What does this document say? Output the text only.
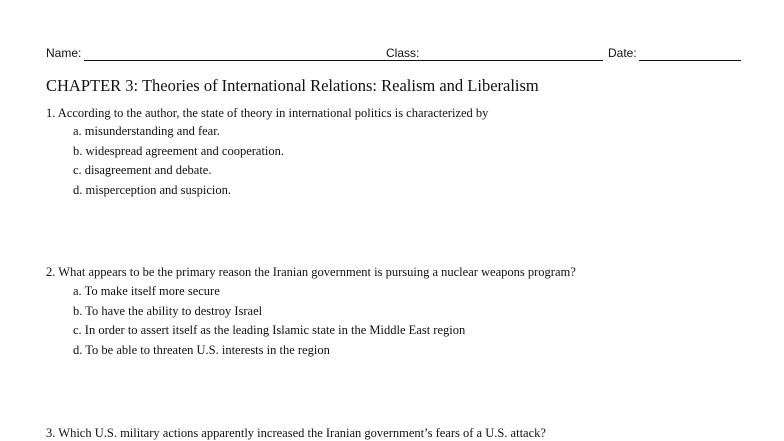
Name:	Class:	Date:
CHAPTER 3: Theories of International Relations: Realism and Liberalism
1. According to the author, the state of theory in international politics is characterized by
a. misunderstanding and fear.
b. widespread agreement and cooperation.
c. disagreement and debate.
d. misperception and suspicion.
2. What appears to be the primary reason the Iranian government is pursuing a nuclear weapons program?
a. To make itself more secure
b. To have the ability to destroy Israel
c. In order to assert itself as the leading Islamic state in the Middle East region
d. To be able to threaten U.S. interests in the region
3. Which U.S. military actions apparently increased the Iranian government’s fears of a U.S. attack?
